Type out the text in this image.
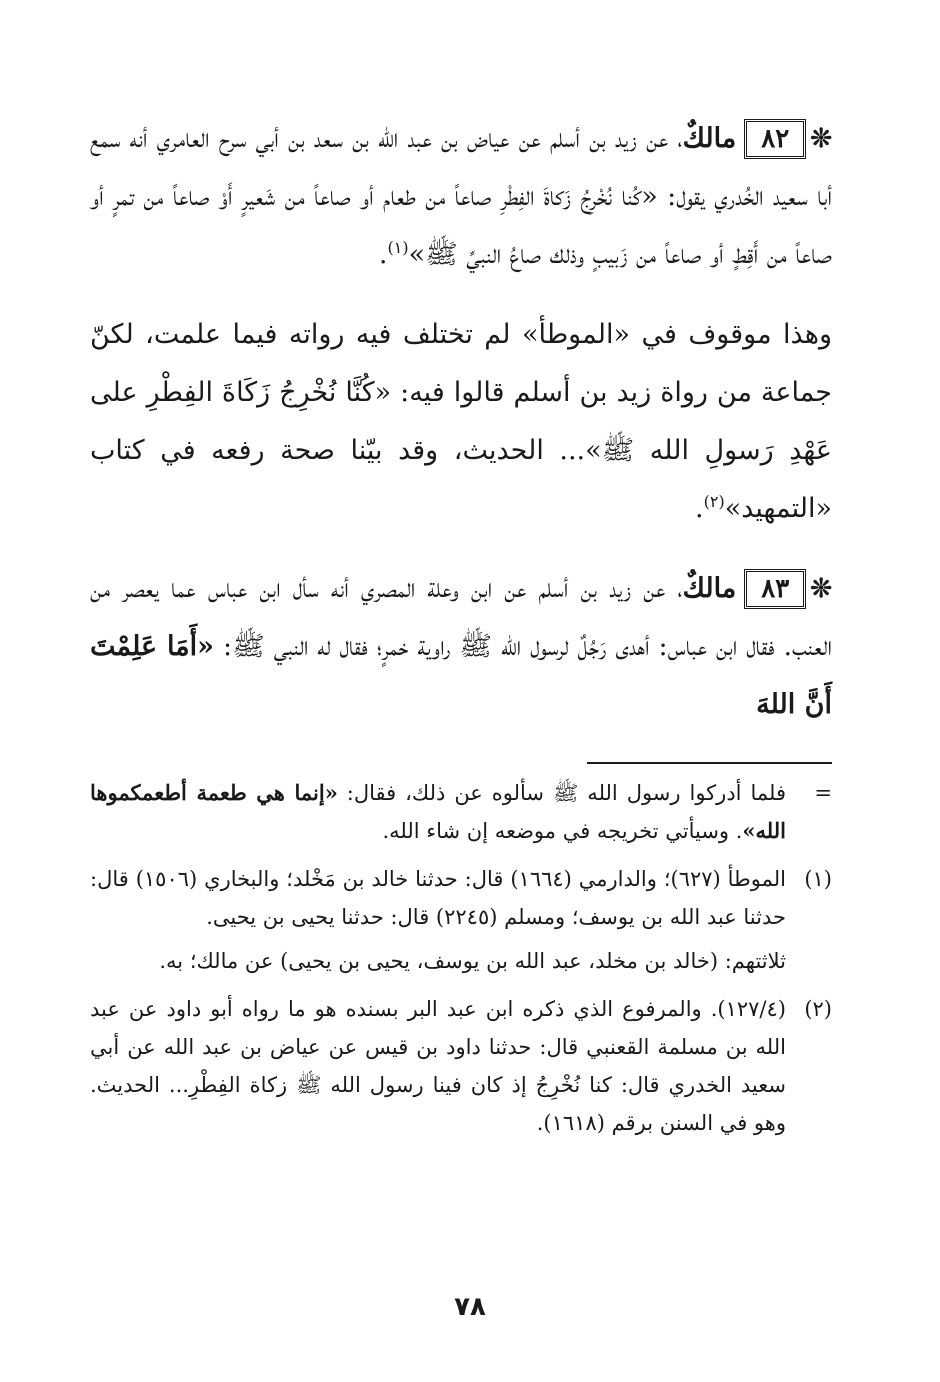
❊
٨٢
مالكٌ، عن زيد بن أسلم عن عياض بن عبد الله بن سعد بن أبي سرح العامري أنه سمع أبا سعيد الخُدري يقول: «كُنا نُخْرِجُ زَكاةَ الفِطْرِ صاعاً من طعام أو صاعاً من شَعيرٍ أَوْ صاعاً من تمرٍ أو صاعاً من أَقِطٍ أو صاعاً من زَبيبٍ وذلك صاعُ النبيِّ ﷺ»$^{(١)}$.

وهذا موقوف في «الموطأ» لم تختلف فيه رواته فيما علمت، لكنّ جماعة من رواة زيد بن أسلم قالوا فيه: «كُنَّا نُخْرِجُ زَكَاةَ الفِطْرِ على عَهْدِ رَسولِ الله ﷺ»... الحديث، وقد بيّنا صحة رفعه في كتاب «التمهيد»$^{(٢)}$.

❊
٨٣
مالكٌ، عن زيد بن أسلم عن ابن وعلة المصري أنه سأل ابن عباس عما يعصر من العنب. فقال ابن عباس: أهدى رَجُلٌ لرسول الله ﷺ راوية خمرٍ؛ فقال له النبي ﷺ: «أَمَا عَلِمْتَ أَنَّ اللهَ

=

فلما أدركوا رسول الله ﷺ سألوه عن ذلك، فقال: «إنما هي طعمة أطعمكموها الله». وسيأتي تخريجه في موضعه إن شاء الله.

(١)

الموطأ (٦٢٧)؛ والدارمي (١٦٦٤) قال: حدثنا خالد بن مَخْلد؛ والبخاري (١٥٠٦) قال: حدثنا عبد الله بن يوسف؛ ومسلم (٢٢٤٥) قال: حدثنا يحيى بن يحيى.

ثلاثتهم: (خالد بن مخلد، عبد الله بن يوسف، يحيى بن يحيى) عن مالك؛ به.

(٢)

(١٢٧/٤). والمرفوع الذي ذكره ابن عبد البر بسنده هو ما رواه أبو داود عن عبد الله بن مسلمة القعنبي قال: حدثنا داود بن قيس عن عياض بن عبد الله عن أبي سعيد الخدري قال: كنا نُخْرِجُ إذ كان فينا رسول الله ﷺ زكاة الفِطْرِ... الحديث. وهو في السنن برقم (١٦١٨).

٧٨
